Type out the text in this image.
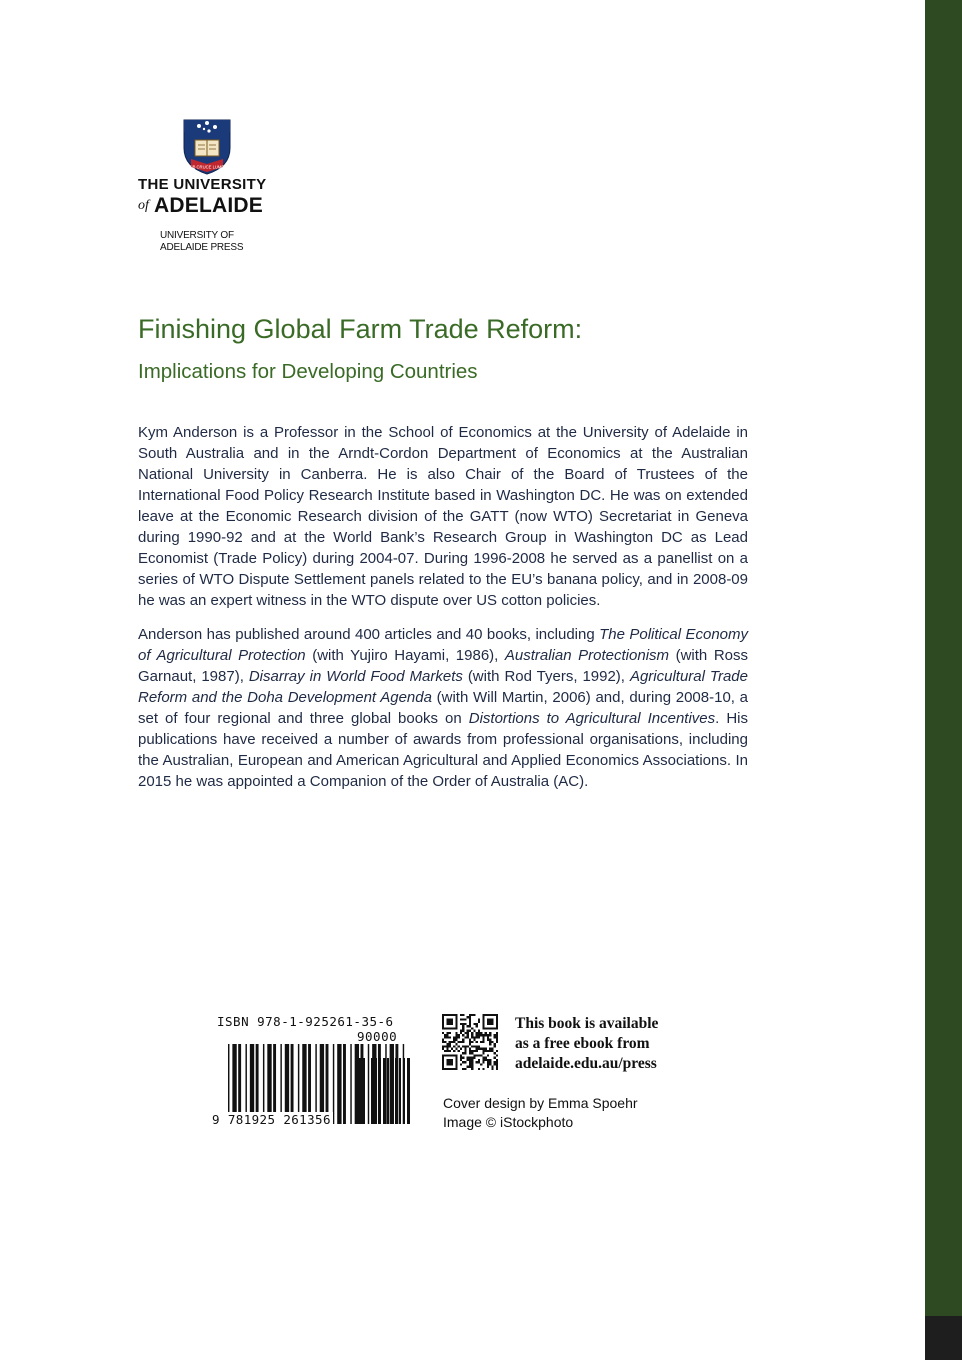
SUB CRUCE LUMEN
THE UNIVERSITY
of ADELAIDE
UNIVERSITY OF
ADELAIDE PRESS
Finishing Global Farm Trade Reform:
Implications for Developing Countries

Kym Anderson is a Professor in the School of Economics at the University of Adelaide in South Australia and in the Arndt-Cordon Department of Economics at the Australian National University in Canberra. He is also Chair of the Board of Trustees of the International Food Policy Research Institute based in Washington DC. He was on extended leave at the Economic Research division of the GATT (now WTO) Secretariat in Geneva during 1990-92 and at the World Bank’s Research Group in Washington DC as Lead Economist (Trade Policy) during 2004-07. During 1996-2008 he served as a panellist on a series of WTO Dispute Settlement panels related to the EU’s banana policy, and in 2008-09 he was an expert witness in the WTO dispute over US cotton policies.

Anderson has published around 400 articles and 40 books, including The Political Economy of Agricultural Protection (with Yujiro Hayami, 1986), Australian Protectionism (with Ross Garnaut, 1987), Disarray in World Food Markets (with Rod Tyers, 1992), Agricultural Trade Reform and the Doha Development Agenda (with Will Martin, 2006) and, during 2008-10, a set of four regional and three global books on Distortions to Agricultural Incentives. His publications have received a number of awards from professional organisations, including the Australian, European and American Agricultural and Applied Economics Associations. In 2015 he was appointed a Companion of the Order of Australia (AC).

ISBN 978-1-925261-35-6
90000
9 781925 261356
This book is available
as a free ebook from
adelaide.edu.au/press
Cover design by Emma Spoehr
Image © iStockphoto
